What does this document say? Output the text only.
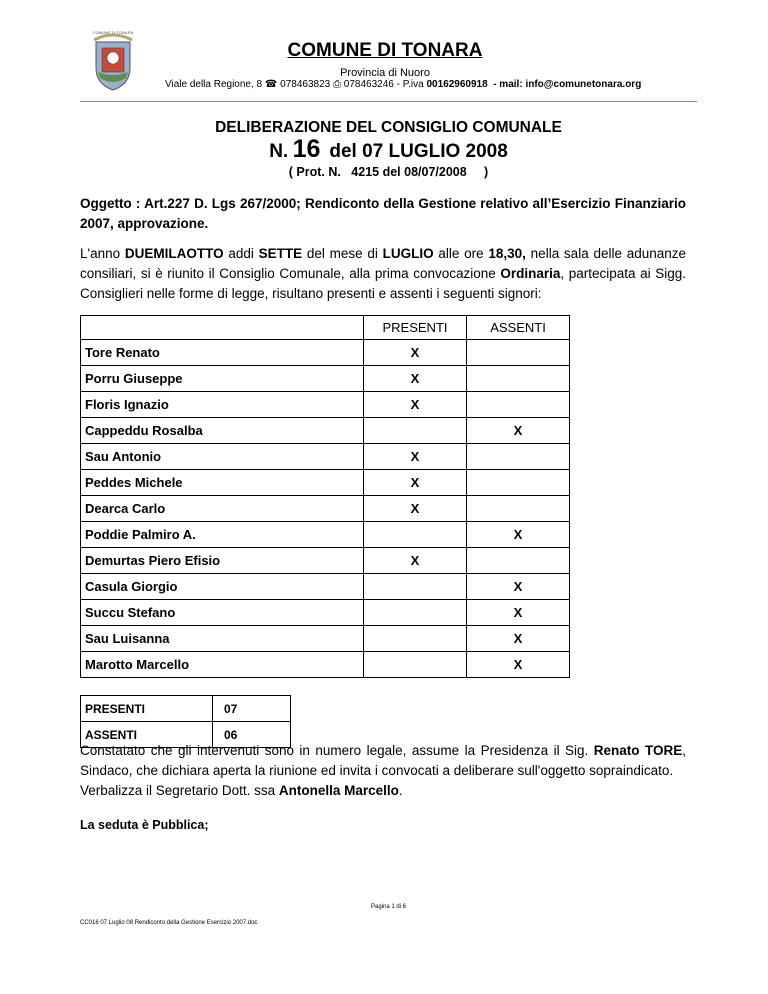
COMUNE DI TONARA
COMUNE DI TONARA
Provincia di Nuoro
Viale della Regione, 8 ☎ 078463823 ⎙ 078463246 - P.iva 00162960918 - mail: info@comunetonara.org
DELIBERAZIONE DEL CONSIGLIO COMUNALE
N. 16 del 07 LUGLIO 2008
( Prot. N.   4215 del 08/07/2008     )
Oggetto : Art.227 D. Lgs 267/2000; Rendiconto della Gestione relativo all’Esercizio Finanziario 2007, approvazione.
L'anno DUEMILAOTTO addi SETTE del mese di LUGLIO alle ore 18,30, nella sala delle adunanze consiliari, si è riunito il Consiglio Comunale, alla prima convocazione Ordinaria, partecipata ai Sigg. Consiglieri nelle forme di legge, risultano presenti e assenti i seguenti signori:
	PRESENTI	ASSENTI
Tore Renato	X	
Porru Giuseppe	X	
Floris Ignazio	X	
Cappeddu Rosalba		X
Sau Antonio	X	
Peddes Michele	X	
Dearca Carlo	X	
Poddie Palmiro A.		X
Demurtas Piero Efisio	X	
Casula Giorgio		X
Succu Stefano		X
Sau Luisanna		X
Marotto Marcello		X
PRESENTI	07
ASSENTI	06
Constatato che gli intervenuti sono in numero legale, assume la Presidenza il Sig. Renato TORE, Sindaco, che dichiara aperta la riunione ed invita i convocati a deliberare sull'oggetto sopraindicato.
Verbalizza il Segretario Dott. ssa Antonella Marcello.
La seduta è Pubblica;
Pagina 1 di 6
CC016 07 Luglio 08 Rendiconto della Gestione Esercizio 2007.doc
